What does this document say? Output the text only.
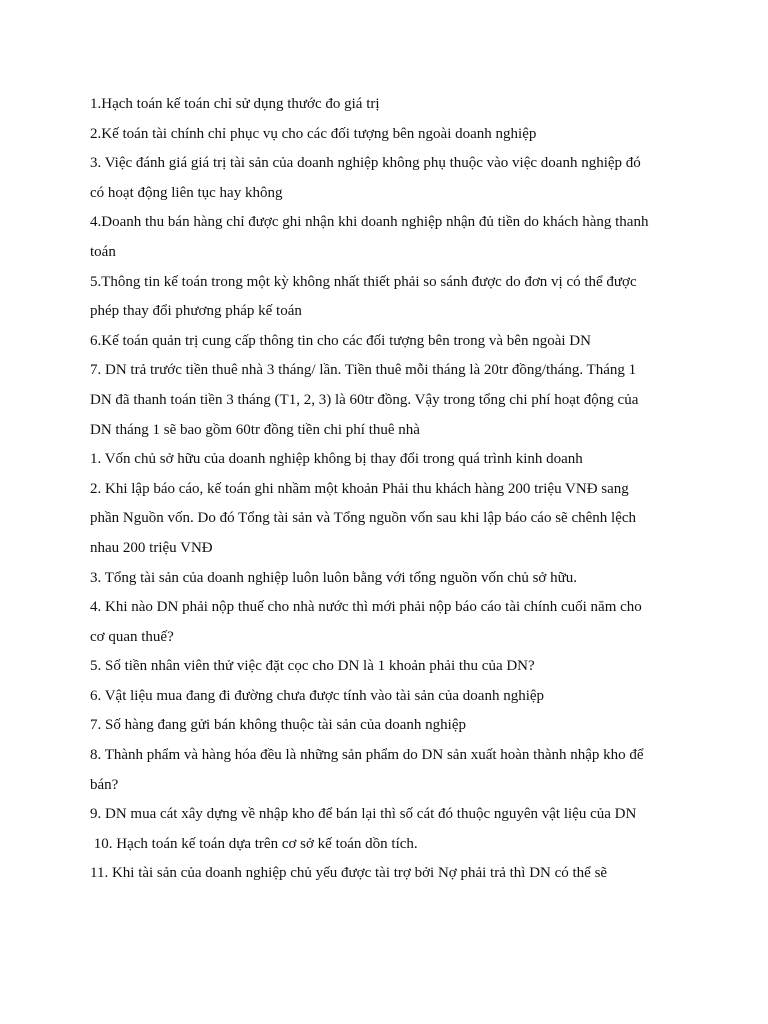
1.Hạch toán kế toán chỉ sử dụng thước đo giá trị

2.Kế toán tài chính chỉ phục vụ cho các đối tượng bên ngoài doanh nghiệp

3. Việc đánh giá giá trị tài sản của doanh nghiệp không phụ thuộc vào việc doanh nghiệp đó có hoạt động liên tục hay không

4.Doanh thu bán hàng chỉ được ghi nhận khi doanh nghiệp nhận đủ tiền do khách hàng thanh toán

5.Thông tin kế toán trong một kỳ không nhất thiết phải so sánh được do đơn vị có thể được phép thay đổi phương pháp kế toán

6.Kế toán quản trị cung cấp thông tin cho các đối tượng bên trong và bên ngoài DN

7. DN trả trước tiền thuê nhà 3 tháng/ lần. Tiền thuê mỗi tháng là 20tr đồng/tháng. Tháng 1 DN đã thanh toán tiền 3 tháng (T1, 2, 3) là 60tr đồng. Vậy trong tổng chi phí hoạt động của DN tháng 1 sẽ bao gồm 60tr đồng tiền chi phí thuê nhà

1. Vốn chủ sở hữu của doanh nghiệp không bị thay đổi trong quá trình kinh doanh

2. Khi lập báo cáo, kế toán ghi nhầm một khoản Phải thu khách hàng 200 triệu VNĐ sang phần Nguồn vốn. Do đó Tổng tài sản và Tổng nguồn vốn sau khi lập báo cáo sẽ chênh lệch nhau 200 triệu VNĐ

3. Tổng tài sản của doanh nghiệp luôn luôn bằng với tổng nguồn vốn chủ sở hữu.

4. Khi nào DN phải nộp thuế cho nhà nước thì mới phải nộp báo cáo tài chính cuối năm cho cơ quan thuế?

5. Số tiền nhân viên thử việc đặt cọc cho DN là 1 khoản phải thu của DN?

6. Vật liệu mua đang đi đường chưa được tính vào tài sản của doanh nghiệp

7. Số hàng đang gửi bán không thuộc tài sản của doanh nghiệp

8. Thành phẩm và hàng hóa đều là những sản phẩm do DN sản xuất hoàn thành nhập kho để bán?

9. DN mua cát xây dựng về nhập kho để bán lại thì số cát đó thuộc nguyên vật liệu của DN

10. Hạch toán kế toán dựa trên cơ sở kế toán dồn tích.

11. Khi tài sản của doanh nghiệp chủ yếu được tài trợ bởi Nợ phải trả thì DN có thể sẽ
